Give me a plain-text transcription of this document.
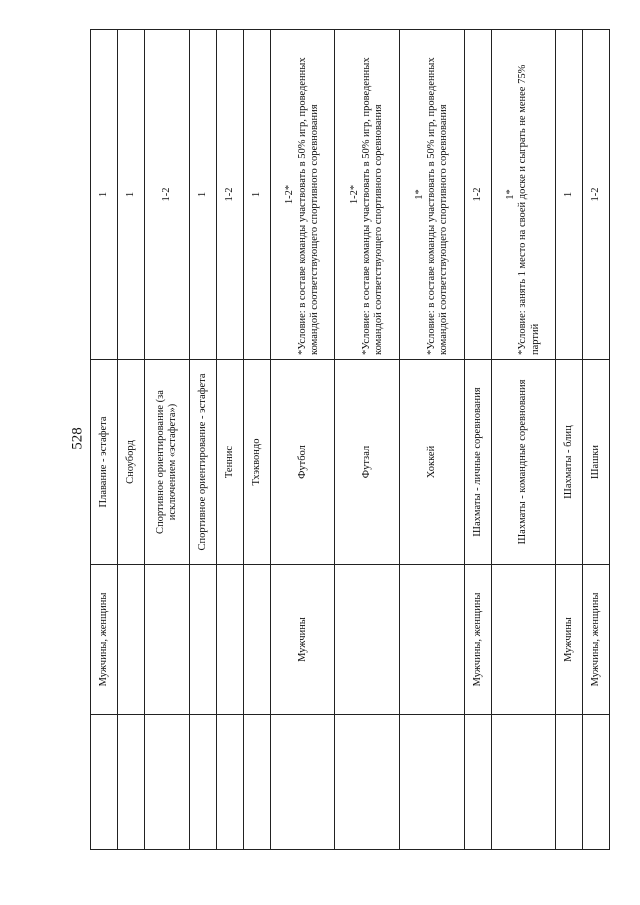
528
	Мужчины, женщины	Плавание - эстафета	1
		Сноуборд	1
		Спортивное ориентирование (за исключением «эстафета»)	1-2
		Спортивное ориентирование - эстафета	1
		Теннис	1-2
		Тхэквондо	1
	Мужчины	Футбол	1-2* *Условие: в составе команды участвовать в 50% игр, проведенных командой соответствующего спортивного соревнования

		Футзал	1-2* *Условие: в составе команды участвовать в 50% игр, проведенных командой соответствующего спортивного соревнования

		Хоккей	1* *Условие: в составе команды участвовать в 50% игр, проведенных командой соответствующего спортивного соревнования

	Мужчины, женщины	Шахматы - личные соревнования	1-2
		Шахматы - командные соревнования	1* *Условие: занять 1 место на своей доске и сыграть не менее 75% партий

	Мужчины	Шахматы - блиц	1
	Мужчины, женщины	Шашки	1-2
